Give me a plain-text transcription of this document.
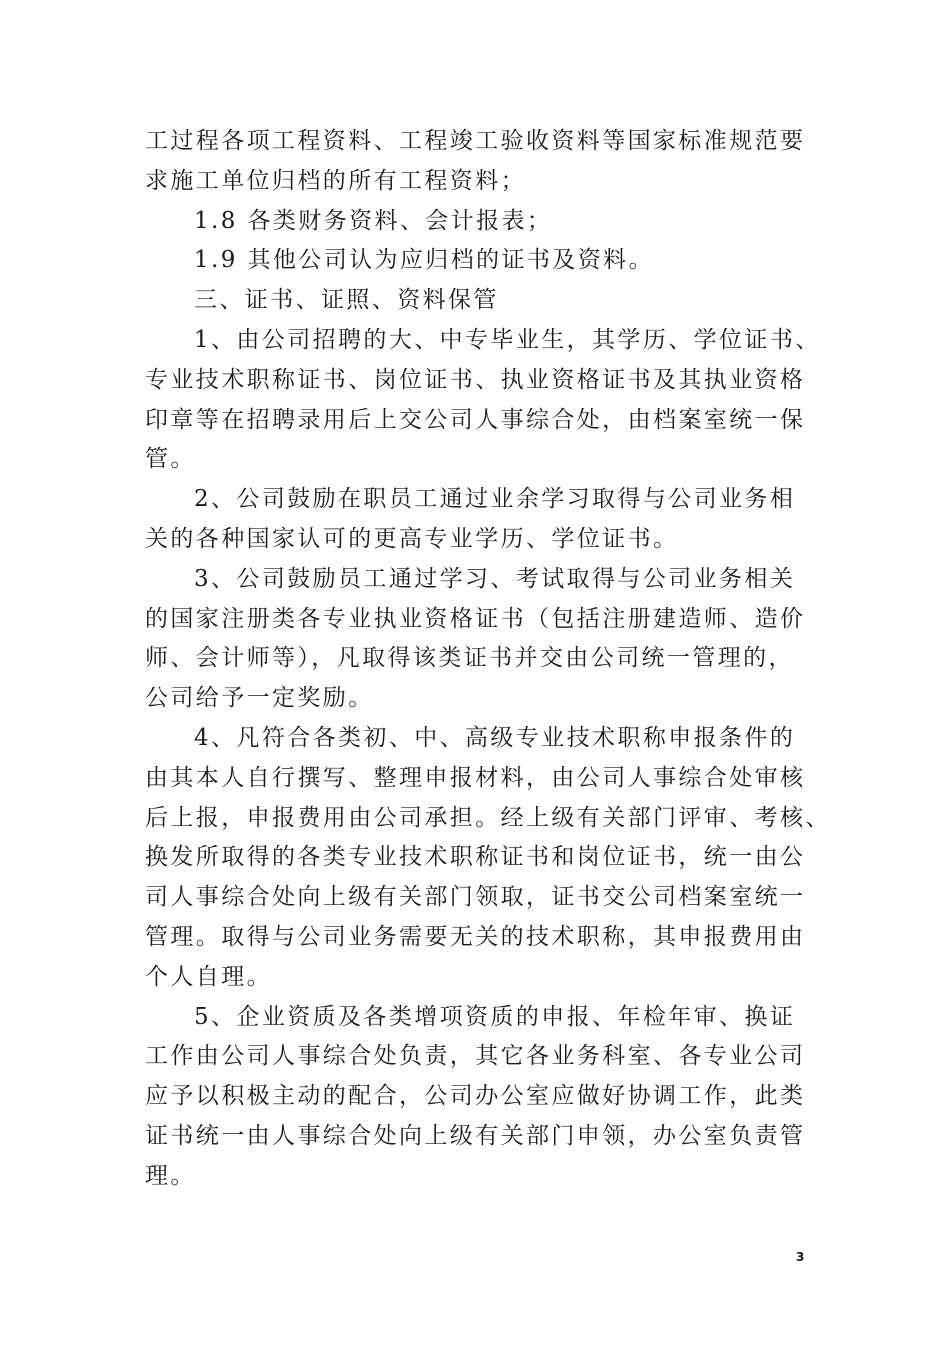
工过程各项工程资料、工程竣工验收资料等国家标准规范要
求施工单位归档的所有工程资料；
1.8 各类财务资料、会计报表；
1.9 其他公司认为应归档的证书及资料。
三、证书、证照、资料保管
1、由公司招聘的大、中专毕业生，其学历、学位证书、
专业技术职称证书、岗位证书、执业资格证书及其执业资格
印章等在招聘录用后上交公司人事综合处，由档案室统一保
管。
2、公司鼓励在职员工通过业余学习取得与公司业务相
关的各种国家认可的更高专业学历、学位证书。
3、公司鼓励员工通过学习、考试取得与公司业务相关
的国家注册类各专业执业资格证书（包括注册建造师、造价
师、会计师等），凡取得该类证书并交由公司统一管理的，
公司给予一定奖励。
4、凡符合各类初、中、高级专业技术职称申报条件的
由其本人自行撰写、整理申报材料，由公司人事综合处审核
后上报，申报费用由公司承担。经上级有关部门评审、考核、
换发所取得的各类专业技术职称证书和岗位证书，统一由公
司人事综合处向上级有关部门领取，证书交公司档案室统一
管理。取得与公司业务需要无关的技术职称，其申报费用由
个人自理。
5、企业资质及各类增项资质的申报、年检年审、换证
工作由公司人事综合处负责，其它各业务科室、各专业公司
应予以积极主动的配合，公司办公室应做好协调工作，此类
证书统一由人事综合处向上级有关部门申领，办公室负责管
理。
3
